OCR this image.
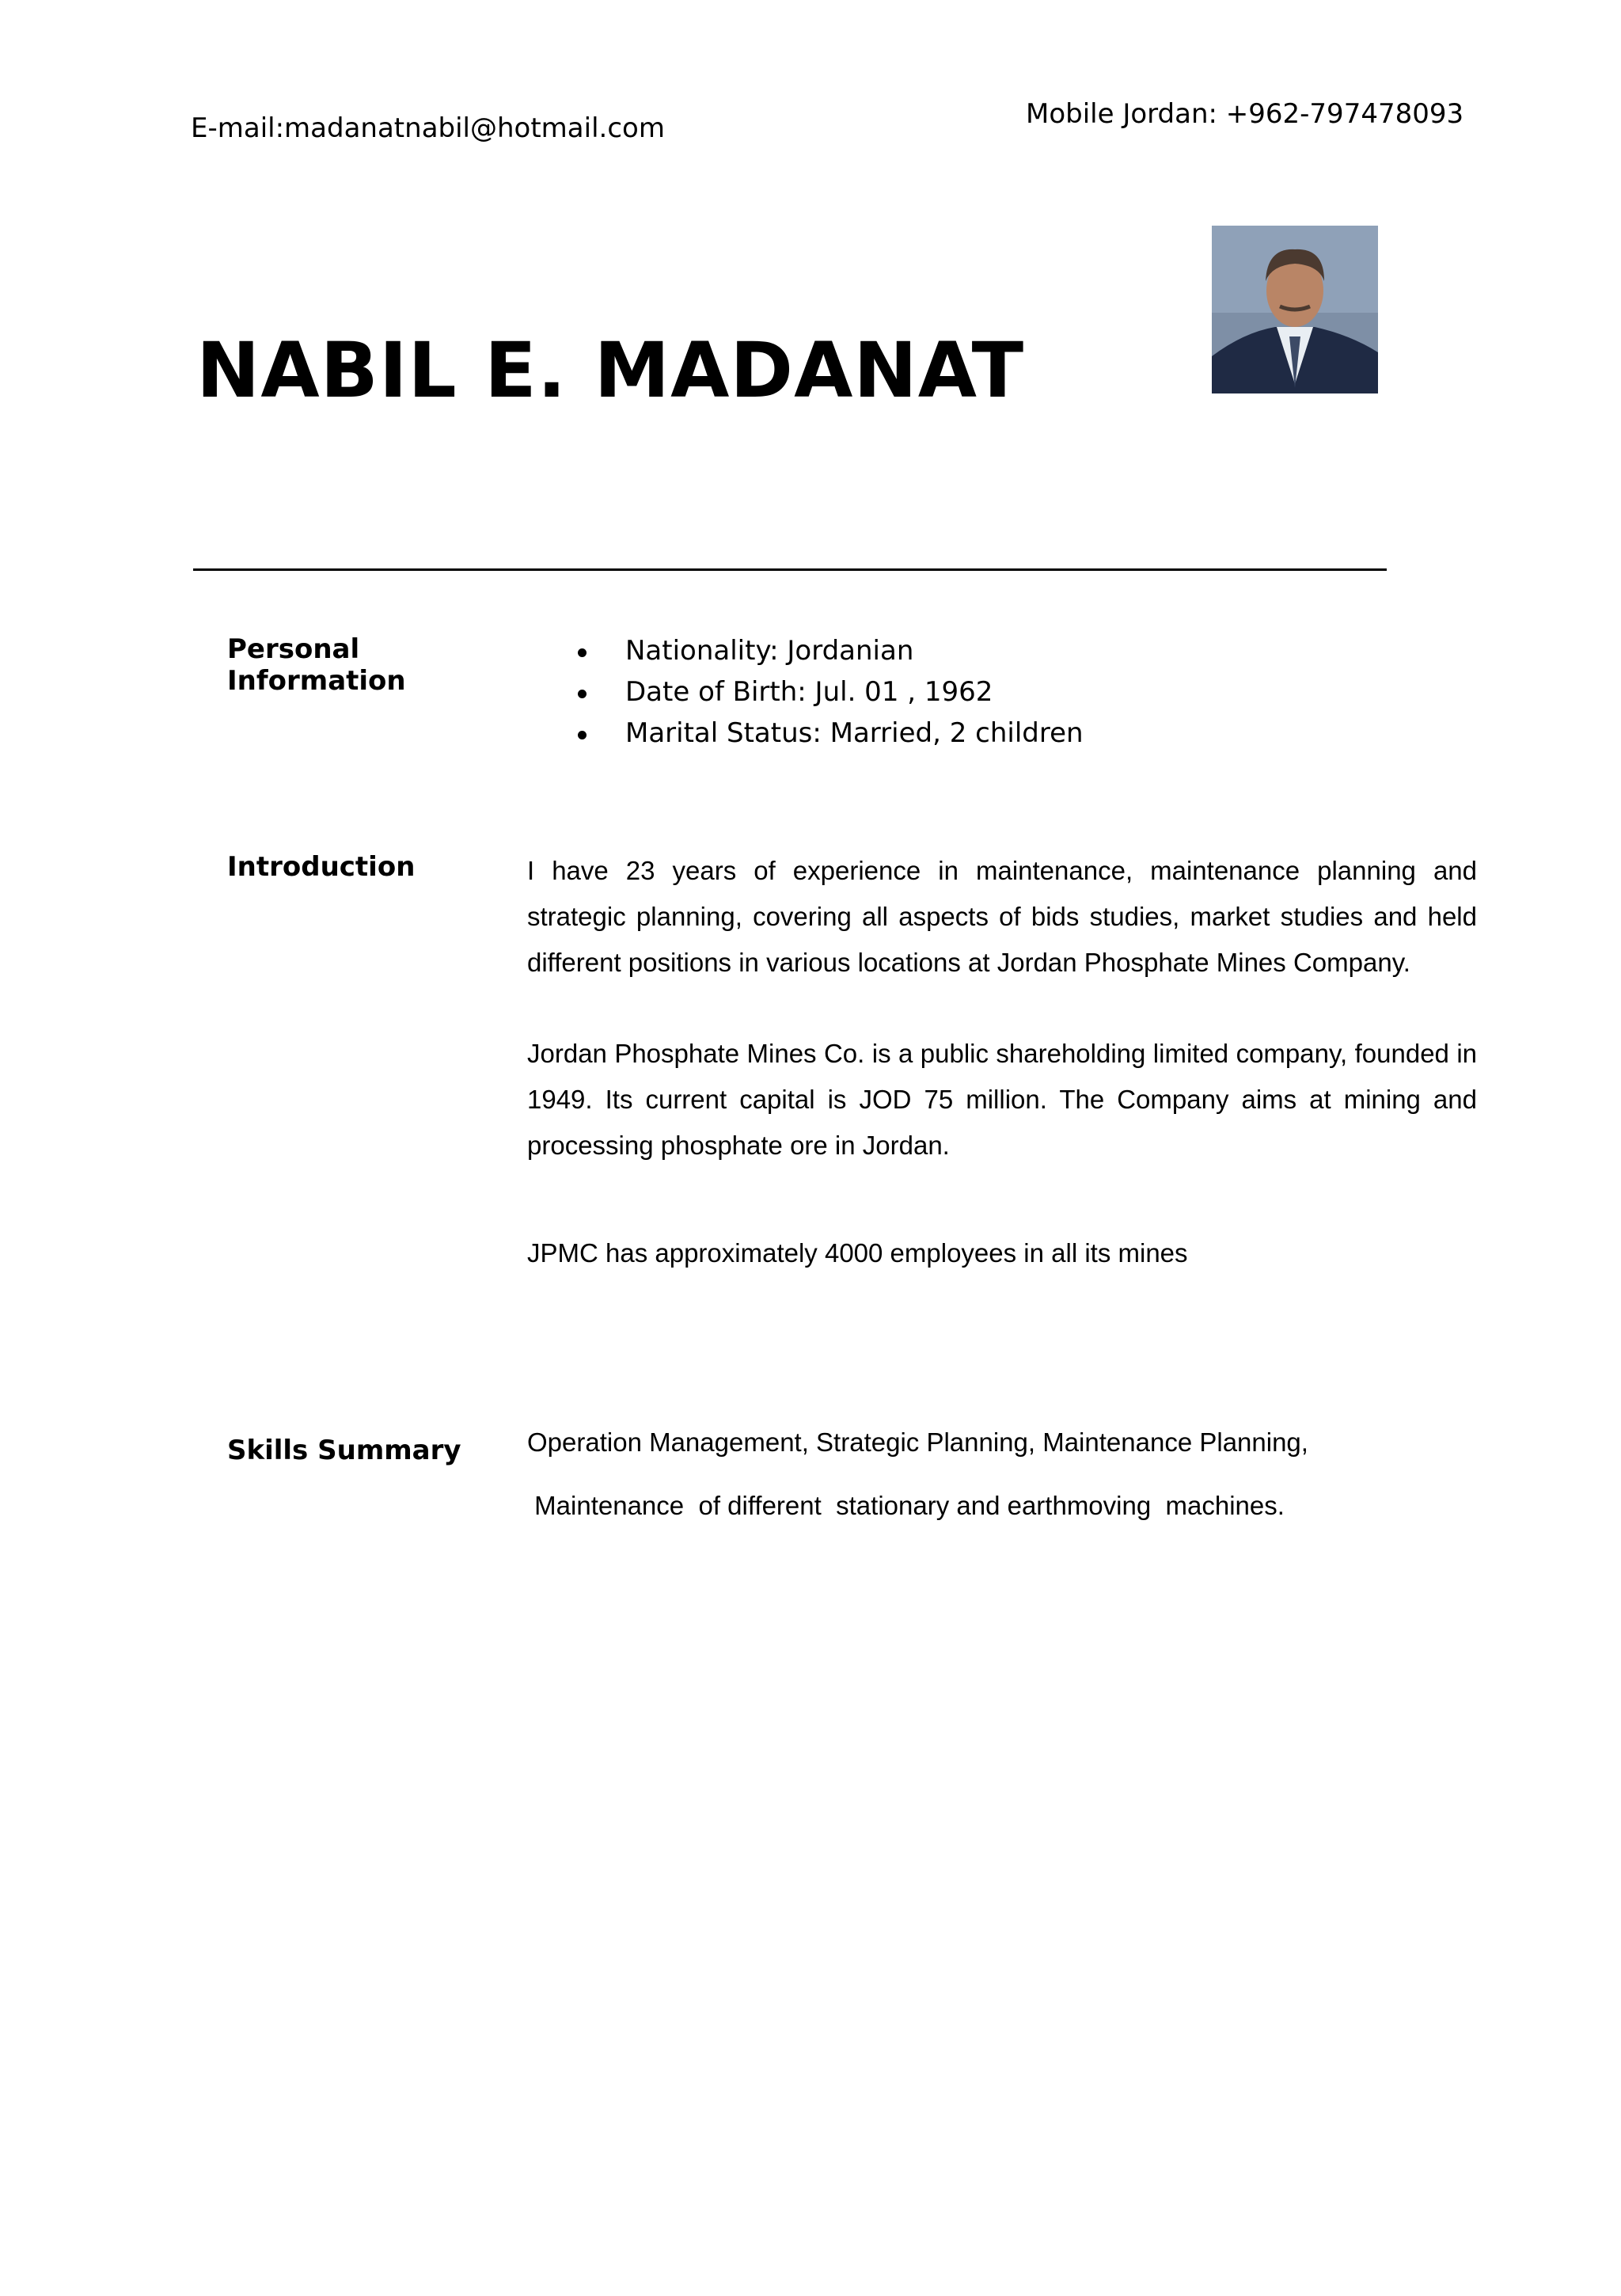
E-mail:madanatnabil@hotmail.com	Mobile Jordan: +962-797478093
NABIL E. MADANAT
Personal
Information
Nationality: Jordanian
Date of Birth: Jul. 01 , 1962
Marital Status: Married, 2 children
Introduction	I have 23 years of experience in maintenance, maintenance planning and strategic planning, covering all aspects of bids studies, market studies and held different positions in various locations at Jordan Phosphate Mines Company.
Jordan Phosphate Mines Co. is a public shareholding limited company, founded in 1949. Its current capital is JOD 75 million. The Company aims at mining and processing phosphate ore in Jordan.
JPMC has approximately 4000 employees in all its mines
Skills Summary	Operation Management, Strategic Planning, Maintenance Planning,
Maintenance  of different  stationary and earthmoving  machines.
